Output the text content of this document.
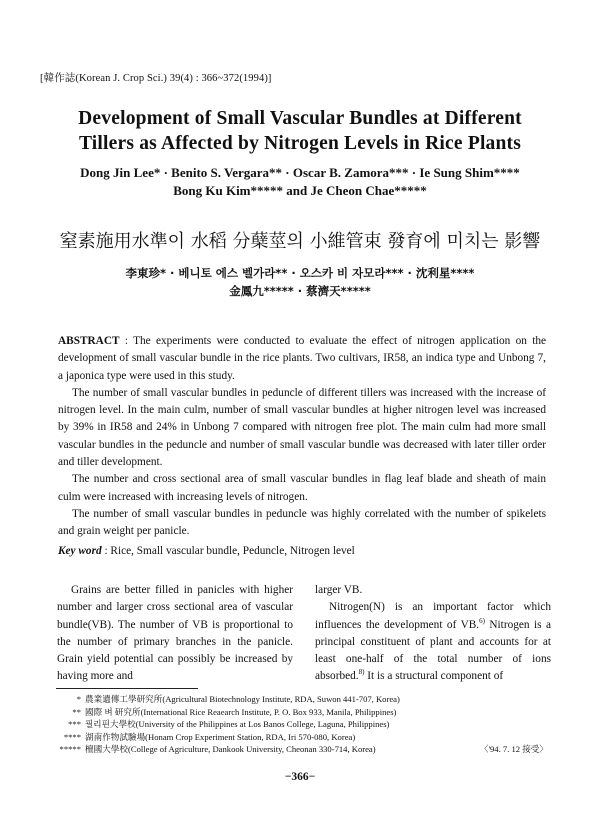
[韓作誌(Korean J. Crop Sci.) 39(4) : 366~372(1994)]
Development of Small Vascular Bundles at Different
Tillers as Affected by Nitrogen Levels in Rice Plants
Dong Jin Lee* · Benito S. Vergara** · Oscar B. Zamora*** · Ie Sung Shim****
Bong Ku Kim***** and Je Cheon Chae*****
窒素施用水準이 水稻 分蘖莖의 小維管束 發育에 미치는 影響
李東珍* · 베니토 에스 벨가라** · 오스카 비 자모라*** · 沈利星****
金鳳九***** · 蔡濟天*****

ABSTRACT : The experiments were conducted to evaluate the effect of nitrogen application on the development of small vascular bundle in the rice plants. Two cultivars, IR58, an indica type and Unbong 7, a japonica type were used in this study.

The number of small vascular bundles in peduncle of different tillers was increased with the increase of nitrogen level. In the main culm, number of small vascular bundles at higher nitrogen level was increased by 39% in IR58 and 24% in Unbong 7 compared with nitrogen free plot. The main culm had more small vascular bundles in the peduncle and number of small vascular bundle was decreased with later tiller order and tiller development.

The number and cross sectional area of small vascular bundles in flag leaf blade and sheath of main culm were increased with increasing levels of nitrogen.

The number of small vascular bundles in peduncle was highly correlated with the number of spikelets and grain weight per panicle.

Key word : Rice, Small vascular bundle, Peduncle, Nitrogen level

Grains are better filled in panicles with higher number and larger cross sectional area of vascular bundle(VB). The number of VB is proportional to the number of primary branches in the panicle. Grain yield potential can possibly be increased by having more and

larger VB.

Nitrogen(N) is an important factor which influences the development of VB.$^{6)}$ Nitrogen is a principal constituent of plant and accounts for at least one-half of the total number of ions absorbed.$^{8)}$ It is a structural component of

* 農業遺傳工學研究所(Agricultural Biotechnology Institute, RDA, Suwon 441-707, Korea)
** 國際 벼 研究所(International Rice Reaearch Institute, P. O. Box 933, Manila, Philippines)
*** 필리핀大學校(University of the Philippines at Los Banos College, Laguna, Philippines)
**** 湖南作物試驗場(Honam Crop Experiment Station, RDA, Iri 570-080, Korea)
***** 檀國大學校(College of Agriculture, Dankook University, Cheonan 330-714, Korea)	〈'94. 7. 12 接受〉
−366−
